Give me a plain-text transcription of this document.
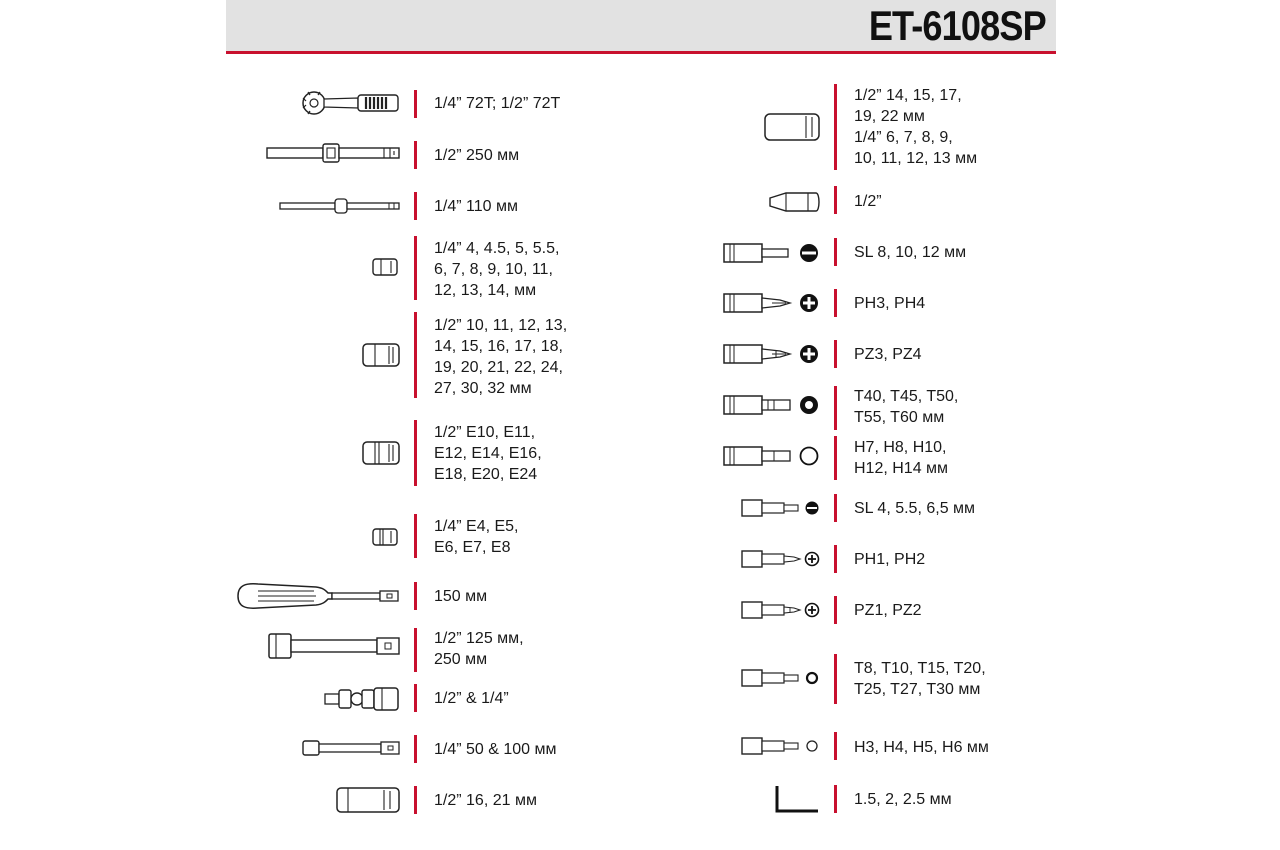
ET-6108SP
1/4” 72T; 1/2” 72T
1/2” 250 мм
1/4” 110 мм
1/4” 4, 4.5, 5, 5.5,
6, 7, 8, 9, 10, 11,
12, 13, 14, мм
1/2” 10, 11, 12, 13,
14, 15, 16, 17, 18,
19, 20, 21, 22, 24,
27, 30, 32 мм
1/2” E10, E11,
E12, E14, E16,
E18, E20, E24
1/4” E4, E5,
E6, E7, E8
150 мм
1/2” 125 мм,
250 мм
1/2” & 1/4”
1/4” 50 & 100 мм
1/2” 16, 21 мм
1/2” 14, 15, 17,
19, 22 мм
1/4” 6, 7, 8, 9,
10, 11, 12, 13 мм
1/2”
SL 8, 10, 12 мм
PH3, PH4
PZ3, PZ4
T40, T45, T50,
T55, T60 мм
H7, H8, H10,
H12, H14 мм
SL 4, 5.5, 6,5 мм
PH1, PH2
PZ1, PZ2
T8, T10, T15, T20,
T25, T27, T30 мм
H3, H4, H5, H6 мм
1.5, 2, 2.5 мм
